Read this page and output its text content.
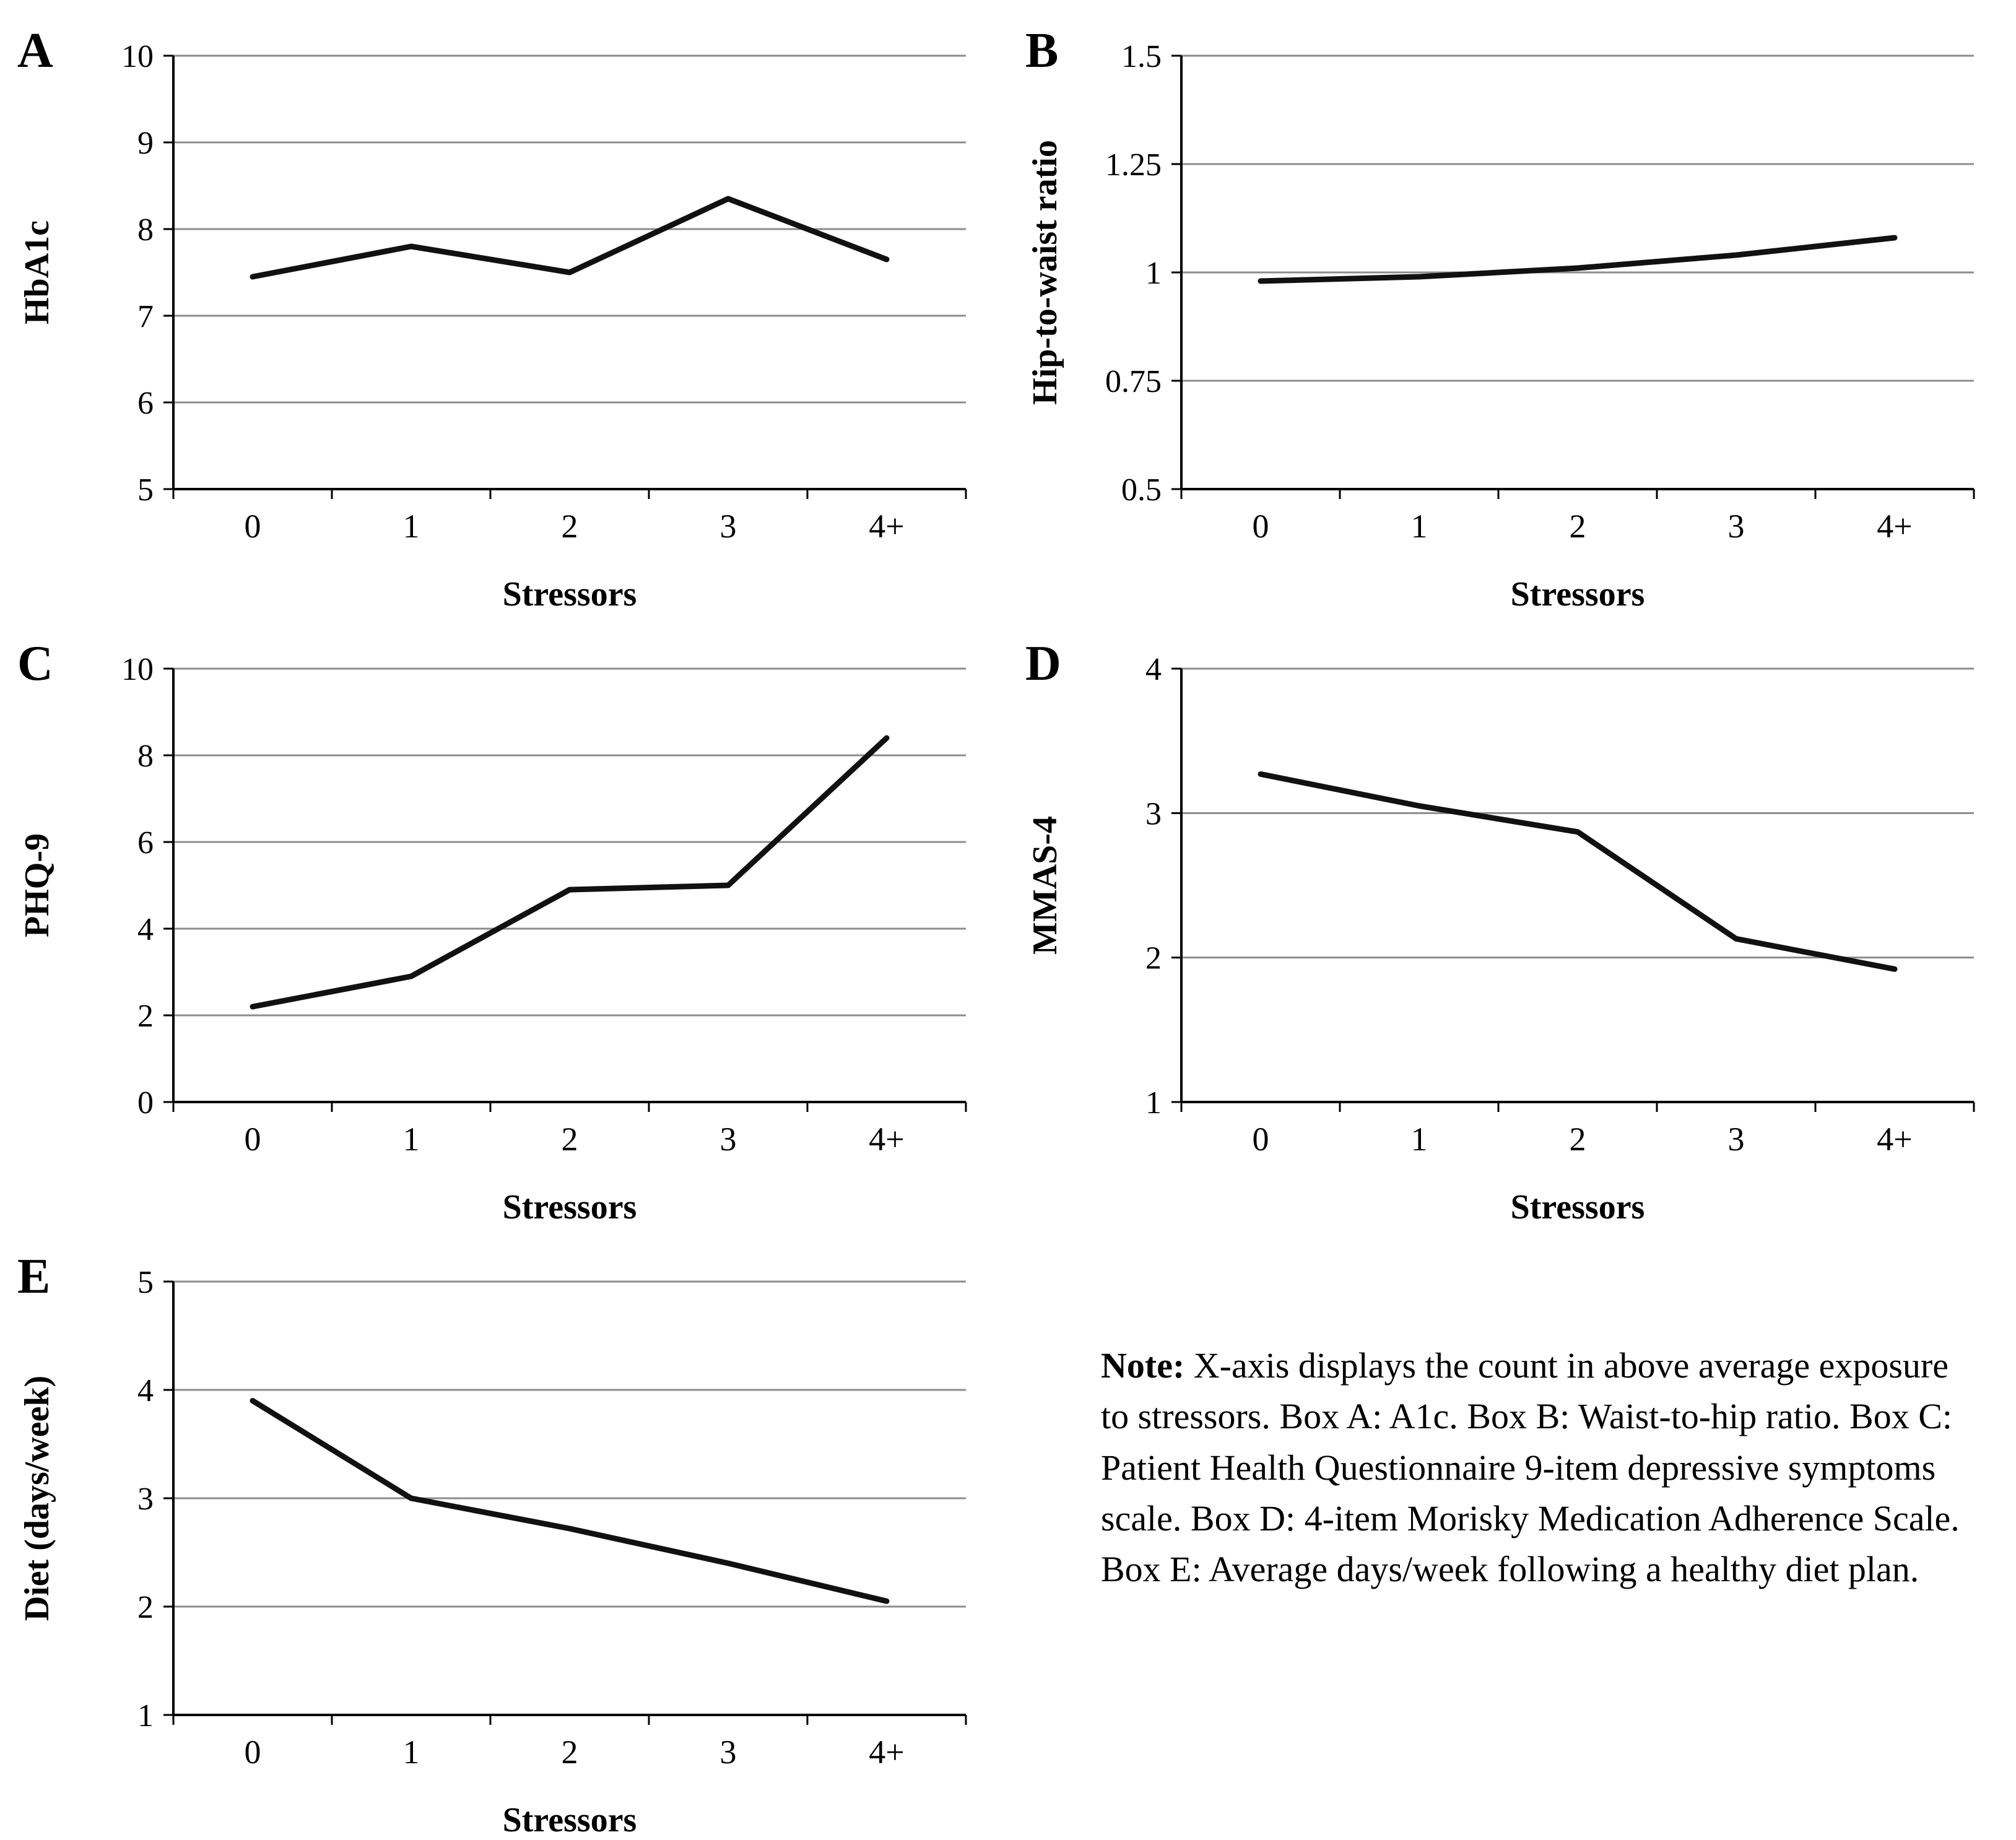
5
6
7
8
9
10
0	1	2	3	4+
HbA1c
Stressors
A
0.5
0.75
1
1.25
1.5
0	1	2	3	4+
Hip-to-waist ratio
Stressors
B
0
2
4
6
8
10
0	1	2	3	4+
PHQ-9
Stressors
C
1
2
3
4
0	1	2	3	4+
MMAS-4
Stressors
D
1
2
3
4
5
0	1	2	3	4+
Diet (days/week)
Stressors
E

Note: X-axis displays the count in above average exposure to stressors. Box A: A1c. Box B: Waist-to-hip ratio. Box C: Patient Health Questionnaire 9-item depressive symptoms scale. Box D: 4-item Morisky Medication Adherence Scale. Box E: Average days/week following a healthy diet plan.
